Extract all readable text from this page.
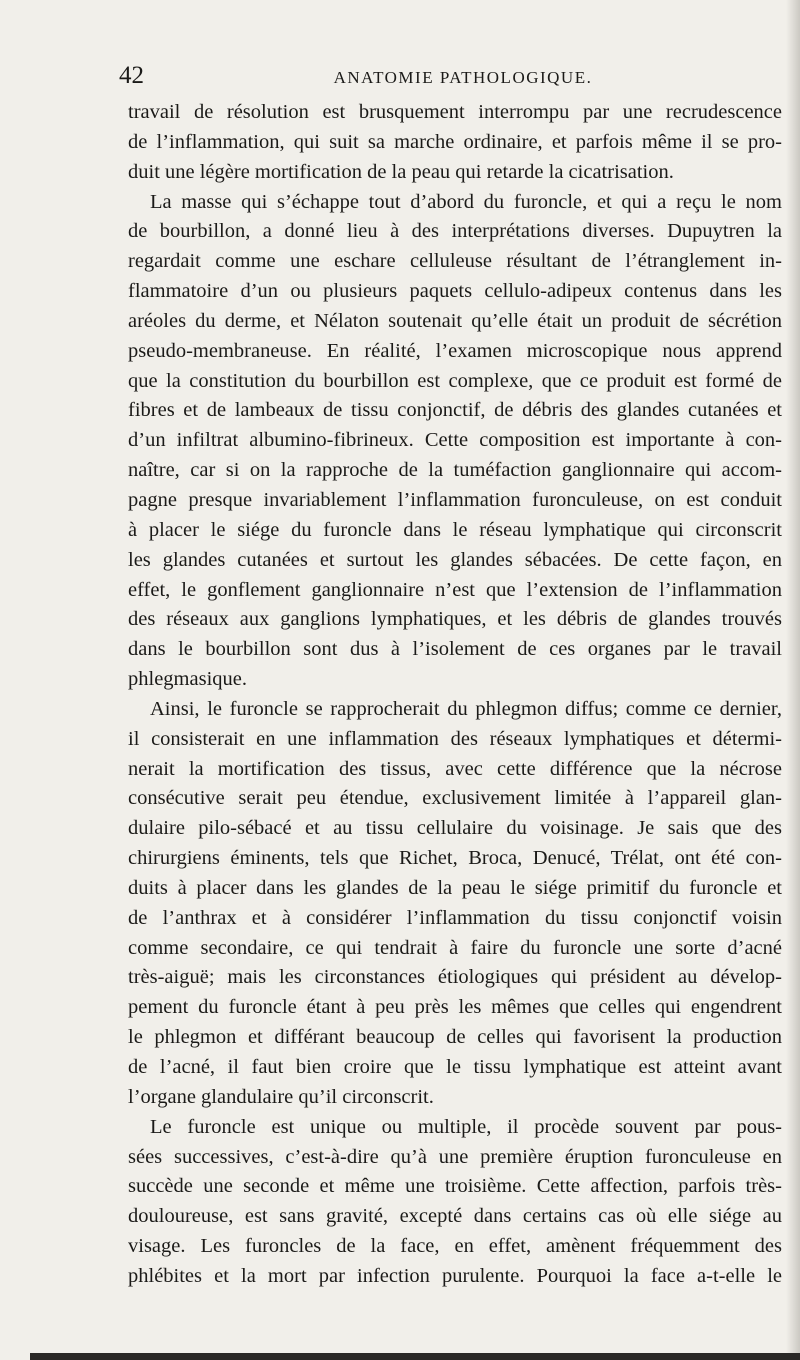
42	ANATOMIE PATHOLOGIQUE.
travail de résolution est brusquement interrompu par une recrudescence
de l’inflammation, qui suit sa marche ordinaire, et parfois même il se pro-
duit une légère mortification de la peau qui retarde la cicatrisation.
La masse qui s’échappe tout d’abord du furoncle, et qui a reçu le nom
de bourbillon, a donné lieu à des interprétations diverses. Dupuytren la
regardait comme une eschare celluleuse résultant de l’étranglement in-
flammatoire d’un ou plusieurs paquets cellulo-adipeux contenus dans les
aréoles du derme, et Nélaton soutenait qu’elle était un produit de sécrétion
pseudo-membraneuse. En réalité, l’examen microscopique nous apprend
que la constitution du bourbillon est complexe, que ce produit est formé de
fibres et de lambeaux de tissu conjonctif, de débris des glandes cutanées et
d’un infiltrat albumino-fibrineux. Cette composition est importante à con-
naître, car si on la rapproche de la tuméfaction ganglionnaire qui accom-
pagne presque invariablement l’inflammation furonculeuse, on est conduit
à placer le siége du furoncle dans le réseau lymphatique qui circonscrit
les glandes cutanées et surtout les glandes sébacées. De cette façon, en
effet, le gonflement ganglionnaire n’est que l’extension de l’inflammation
des réseaux aux ganglions lymphatiques, et les débris de glandes trouvés
dans le bourbillon sont dus à l’isolement de ces organes par le travail
phlegmasique.
Ainsi, le furoncle se rapprocherait du phlegmon diffus; comme ce dernier,
il consisterait en une inflammation des réseaux lymphatiques et détermi-
nerait la mortification des tissus, avec cette différence que la nécrose
consécutive serait peu étendue, exclusivement limitée à l’appareil glan-
dulaire pilo-sébacé et au tissu cellulaire du voisinage. Je sais que des
chirurgiens éminents, tels que Richet, Broca, Denucé, Trélat, ont été con-
duits à placer dans les glandes de la peau le siége primitif du furoncle et
de l’anthrax et à considérer l’inflammation du tissu conjonctif voisin
comme secondaire, ce qui tendrait à faire du furoncle une sorte d’acné
très-aiguë; mais les circonstances étiologiques qui président au dévelop-
pement du furoncle étant à peu près les mêmes que celles qui engendrent
le phlegmon et différant beaucoup de celles qui favorisent la production
de l’acné, il faut bien croire que le tissu lymphatique est atteint avant
l’organe glandulaire qu’il circonscrit.
Le furoncle est unique ou multiple, il procède souvent par pous-
sées successives, c’est-à-dire qu’à une première éruption furonculeuse en
succède une seconde et même une troisième. Cette affection, parfois très-
douloureuse, est sans gravité, excepté dans certains cas où elle siége au
visage. Les furoncles de la face, en effet, amènent fréquemment des
phlébites et la mort par infection purulente. Pourquoi la face a-t-elle le
